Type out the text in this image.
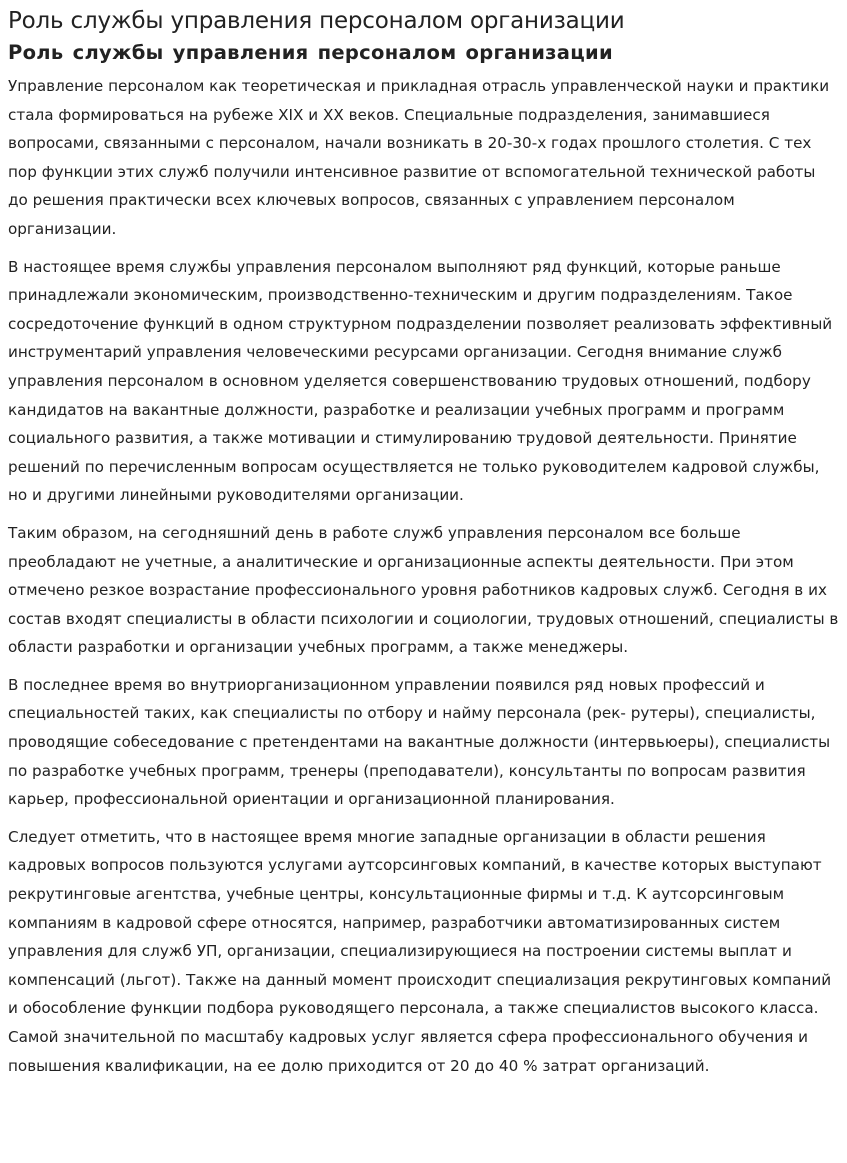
Роль службы управления персоналом организации
Роль службы управления персоналом организации

Управление персоналом как теоретическая и прикладная отрасль управленческой науки и практики стала формироваться на рубеже XIX и XX веков. Специальные подразделения, занимавшиеся вопросами, связанными с персоналом, начали возникать в 20-30-х годах прошлого столетия. С тех пор функции этих служб получили интенсивное развитие от вспомогательной технической работы до решения практически всех ключевых вопросов, связанных с управлением персоналом организации.

В настоящее время службы управления персоналом выполняют ряд функций, которые раньше принадлежали экономическим, производственно-техническим и другим подразделениям. Такое сосредоточение функций в одном структурном подразделении позволяет реализовать эффективный инструментарий управления человеческими ресурсами организации. Сегодня внимание служб управления персоналом в основном уделяется совершенствованию трудовых отношений, подбору кандидатов на вакантные должности, разработке и реализации учебных программ и программ социального развития, а также мотивации и стимулированию трудовой деятельности. Принятие решений по перечисленным вопросам осуществляется не только руководителем кадровой службы, но и другими линейными руководителями организации.

Таким образом, на сегодняшний день в работе служб управления персоналом все больше преобладают не учетные, а аналитические и организационные аспекты деятельности. При этом отмечено резкое возрастание профессионального уровня работников кадровых служб. Сегодня в их состав входят специалисты в области психологии и социологии, трудовых отношений, специалисты в области разработки и организации учебных программ, а также менеджеры.

В последнее время во внутриорганизационном управлении появился ряд новых профессий и специальностей таких, как специалисты по отбору и найму персонала (рек- рутеры), специалисты, проводящие собеседование с претендентами на вакантные должности (интервьюеры), специалисты по разработке учебных программ, тренеры (преподаватели), консультанты по вопросам развития карьер, профессиональной ориентации и организационной планирования.

Следует отметить, что в настоящее время многие западные организации в области решения кадровых вопросов пользуются услугами аутсорсинговых компаний, в качестве которых выступают рекрутинговые агентства, учебные центры, консультационные фирмы и т.д. К аутсорсинговым компаниям в кадровой сфере относятся, например, разработчики автоматизированных систем управления для служб УП, организации, специализирующиеся на построении системы выплат и компенсаций (льгот). Также на данный момент происходит специализация рекрутинговых компаний и обособление функции подбора руководящего персонала, а также специалистов высокого класса. Самой значительной по масштабу кадровых услуг является сфера профессионального обучения и повышения квалификации, на ее долю приходится от 20 до 40 % затрат организаций.
